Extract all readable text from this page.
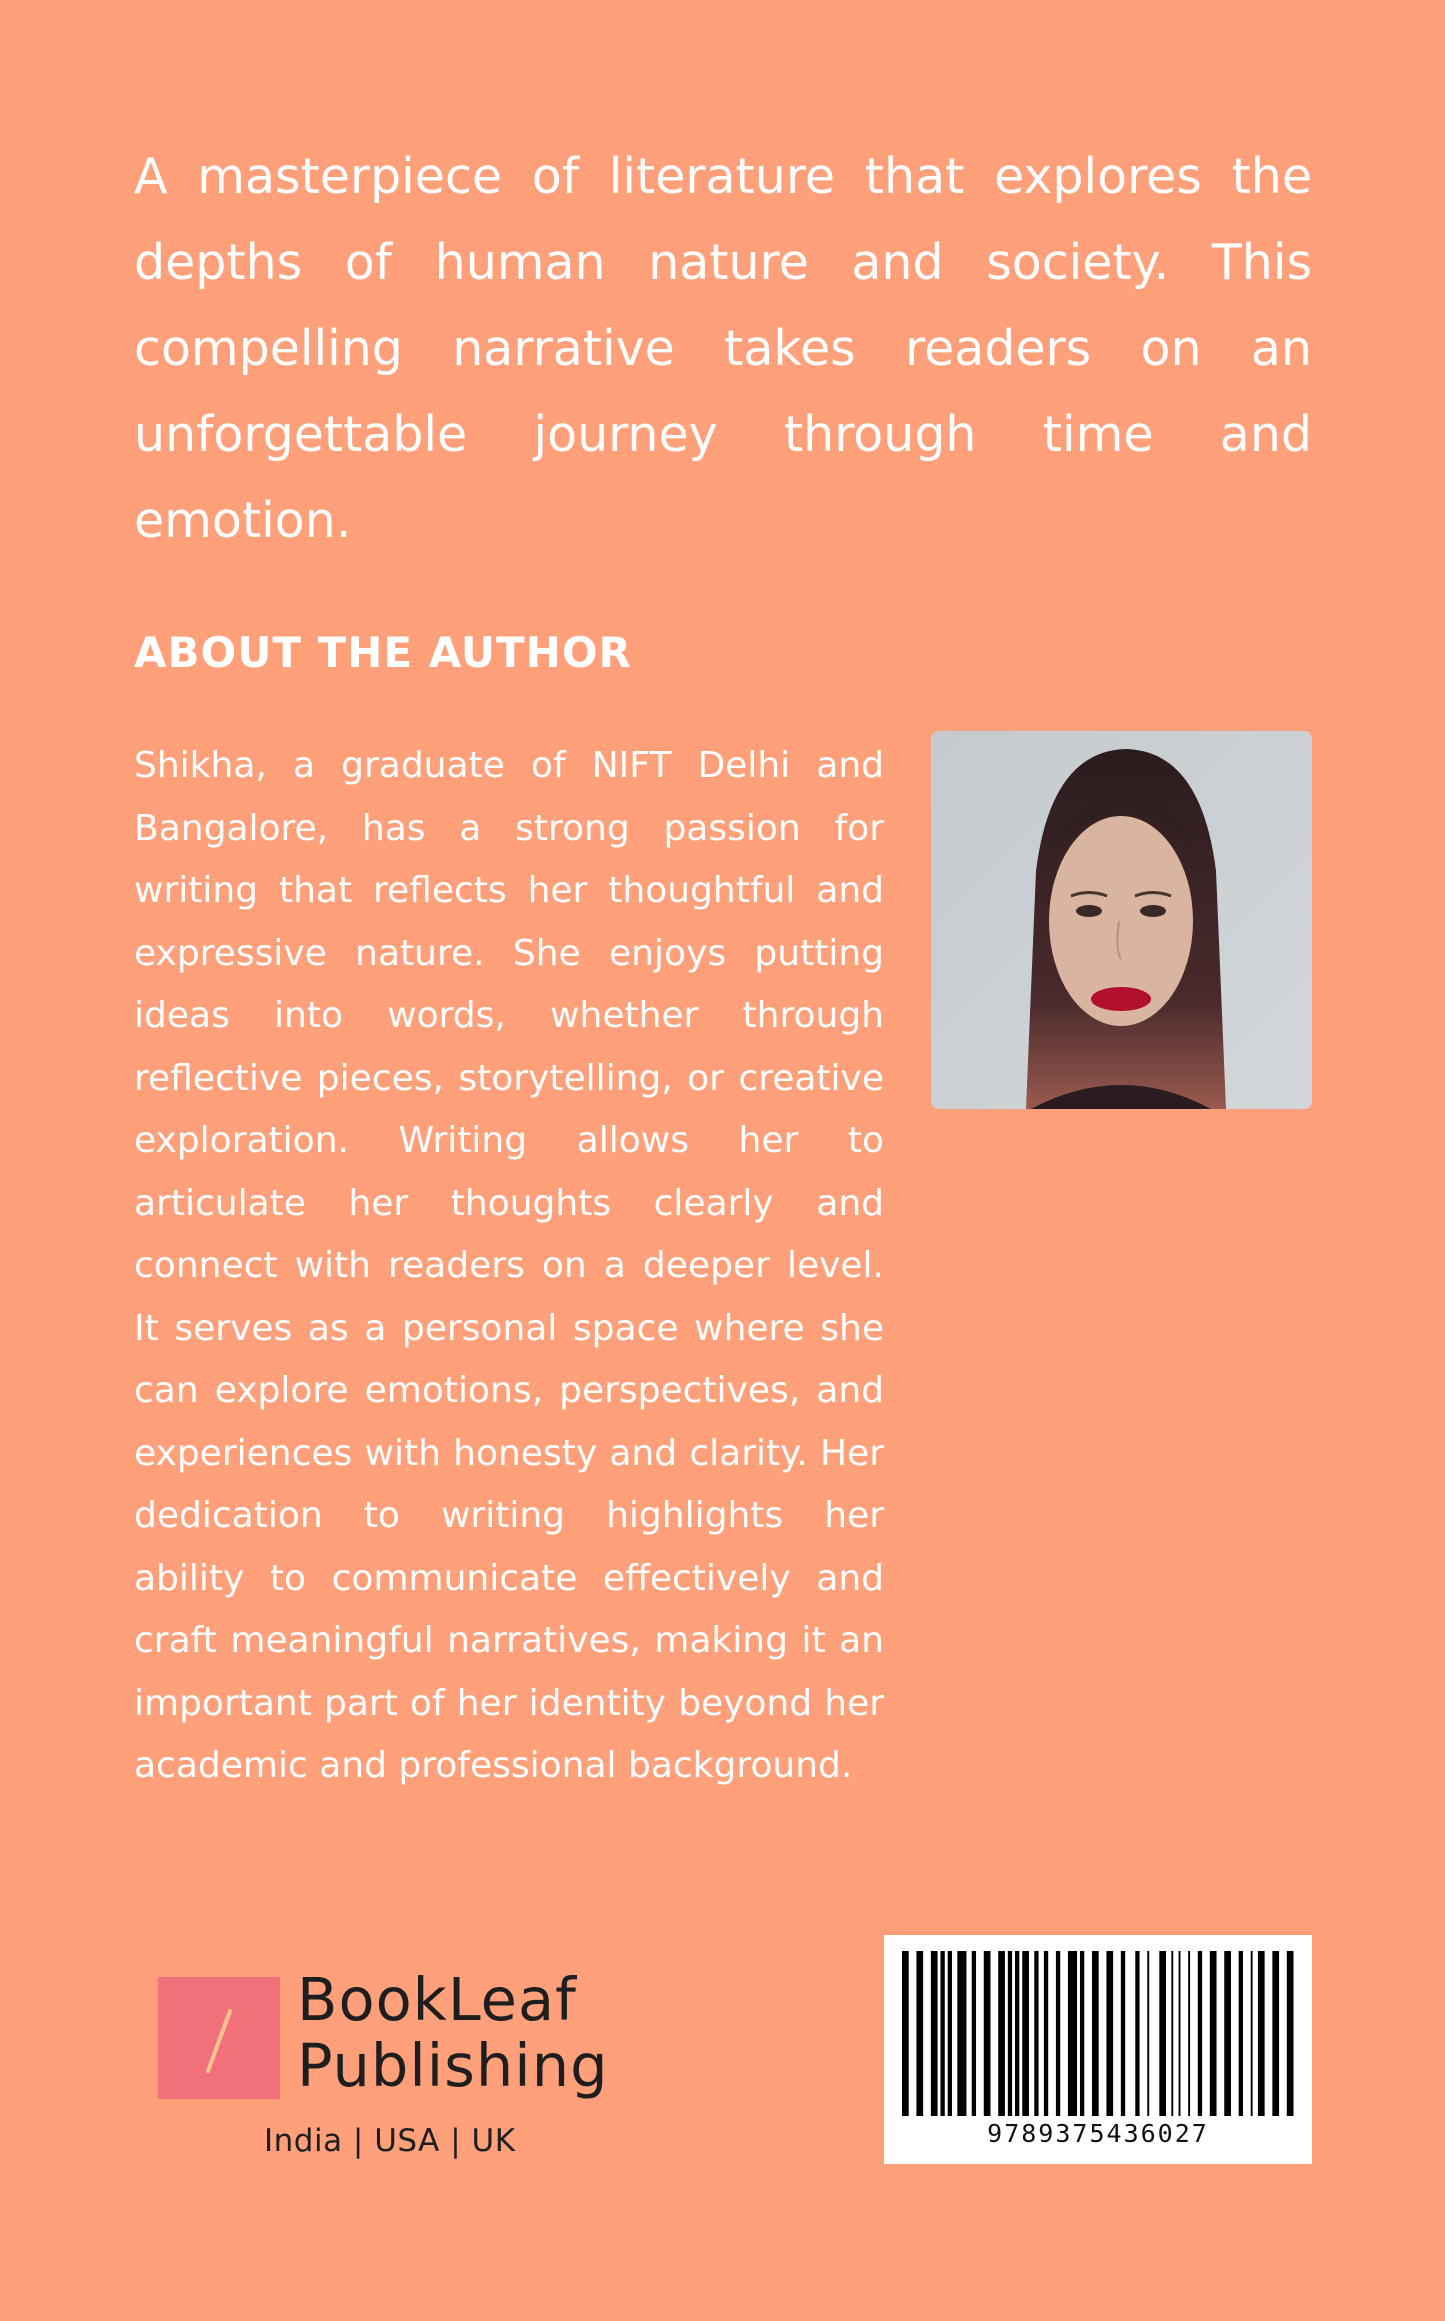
A masterpiece of literature that explores the depths of human nature and society. This compelling narrative takes readers on an unforgettable journey through time and emotion.

ABOUT THE AUTHOR

Shikha, a graduate of NIFT Delhi and Bangalore, has a strong passion for writing that reflects her thoughtful and expressive nature. She enjoys putting ideas into words, whether through reflective pieces, storytelling, or creative exploration. Writing allows her to articulate her thoughts clearly and connect with readers on a deeper level. It serves as a personal space where she can explore emotions, perspectives, and experiences with honesty and clarity. Her dedication to writing highlights her ability to communicate effectively and craft meaningful narratives, making it an important part of her identity beyond her academic and professional background.

BookLeaf
Publishing
India | USA | UK	9789375436027
